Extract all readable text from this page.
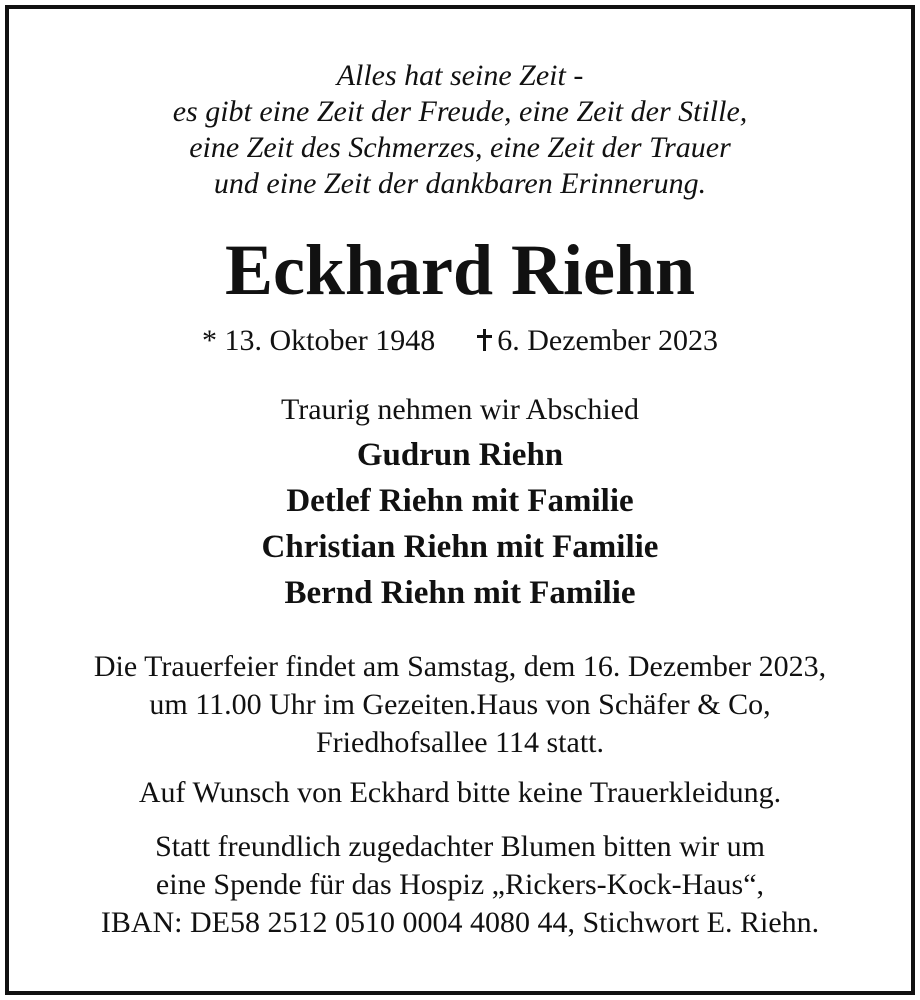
Alles hat seine Zeit -
es gibt eine Zeit der Freude, eine Zeit der Stille,
eine Zeit des Schmerzes, eine Zeit der Trauer
und eine Zeit der dankbaren Erinnerung.
Eckhard Riehn
* 13. Oktober 1948 6. Dezember 2023
Traurig nehmen wir Abschied
Gudrun Riehn
Detlef Riehn mit Familie
Christian Riehn mit Familie
Bernd Riehn mit Familie
Die Trauerfeier findet am Samstag, dem 16. Dezember 2023,
um 11.00 Uhr im Gezeiten.Haus von Schäfer & Co,
Friedhofsallee 114 statt.
Auf Wunsch von Eckhard bitte keine Trauerkleidung.
Statt freundlich zugedachter Blumen bitten wir um
eine Spende für das Hospiz „Rickers-Kock-Haus“,
IBAN: DE58 2512 0510 0004 4080 44, Stichwort E. Riehn.
